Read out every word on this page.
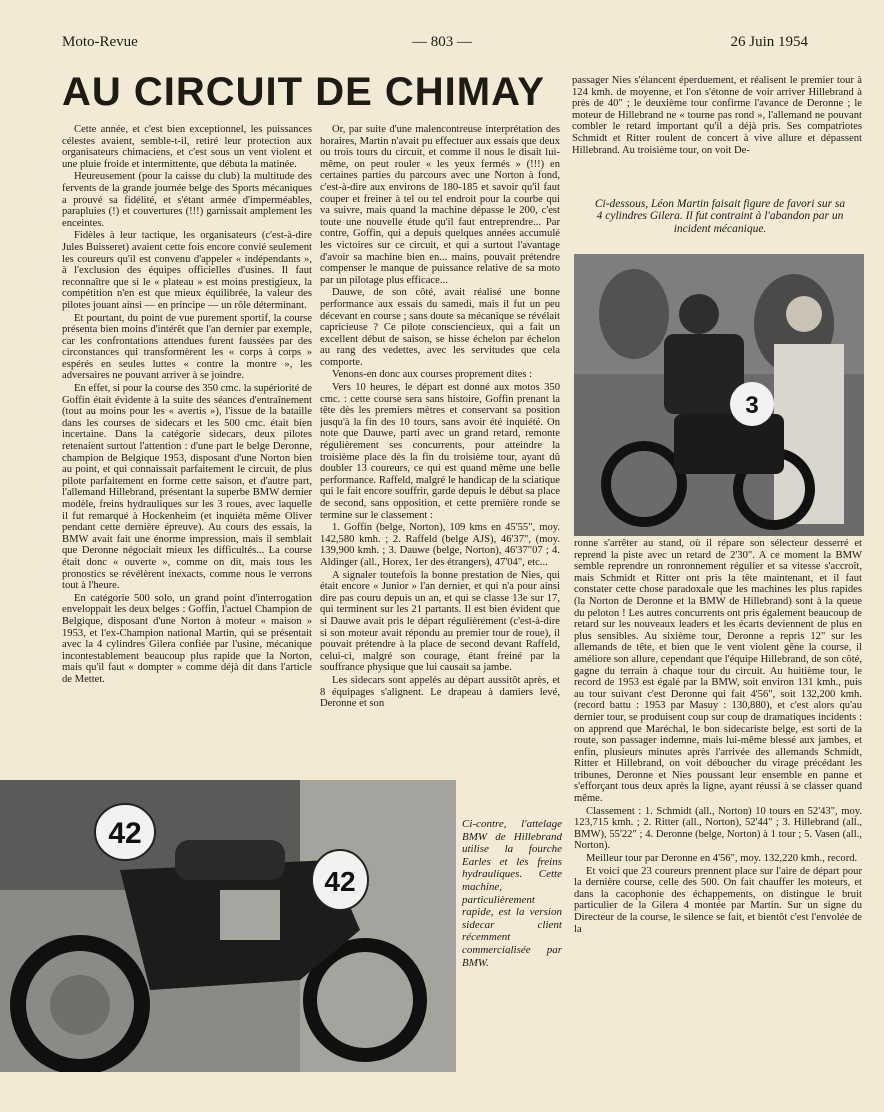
Moto-Revue	— 803 —	26 Juin 1954
AU CIRCUIT DE CHIMAY

Cette année, et c'est bien exceptionnel, les puissances célestes avaient, semble-t-il, retiré leur protection aux organisateurs chimaciens, et c'est sous un vent violent et une pluie froide et intermittente, que débuta la matinée.

Heureusement (pour la caisse du club) la multitude des fervents de la grande journée belge des Sports mécaniques a prouvé sa fidélité, et s'étant armée d'imperméables, parapluies (!) et couvertures (!!!) garnissait amplement les enceintes.

Fidèles à leur tactique, les organisateurs (c'est-à-dire Jules Buisseret) avaient cette fois encore convié seulement les coureurs qu'il est convenu d'appeler « indépendants », à l'exclusion des équipes officielles d'usines. Il faut reconnaître que si le « plateau » est moins prestigieux, la compétition n'en est que mieux équilibrée, la valeur des pilotes jouant ainsi — en principe — un rôle déterminant.

Et pourtant, du point de vue purement sportif, la course présenta bien moins d'intérêt que l'an dernier par exemple, car les confrontations attendues furent faussées par des circonstances qui transformèrent les « corps à corps » espérés en seules luttes « contre la montre », les adversaires ne pouvant arriver à se joindre.

En effet, si pour la course des 350 cmc. la supériorité de Goffin était évidente à la suite des séances d'entraînement (tout au moins pour les « avertis »), l'issue de la bataille dans les courses de sidecars et les 500 cmc. était bien incertaine. Dans la catégorie sidecars, deux pilotes retenaient surtout l'attention : d'une part le belge Deronne, champion de Belgique 1953, disposant d'une Norton bien au point, et qui connaissait parfaitement le circuit, de plus pilote parfaitement en forme cette saison, et d'autre part, l'allemand Hillebrand, présentant la superbe BMW dernier modèle, freins hydrauliques sur les 3 roues, avec laquelle il fut remarqué à Hockenheim (et inquiéta même Oliver pendant cette dernière épreuve). Au cours des essais, la BMW avait fait une énorme impression, mais il semblait que Deronne négociait mieux les difficultés... La course était donc « ouverte », comme on dit, mais tous les pronostics se révélèrent inexacts, comme nous le verrons tout à l'heure.

En catégorie 500 solo, un grand point d'interrogation enveloppait les deux belges : Goffin, l'actuel Champion de Belgique, disposant d'une Norton à moteur « maison » 1953, et l'ex-Champion national Martin, qui se présentait avec la 4 cylindres Gilera confiée par l'usine, mécanique incontestablement beaucoup plus rapide que la Norton, mais qu'il faut « dompter » comme déjà dit dans l'article de Mettet.

Or, par suite d'une malencontreuse interprétation des horaires, Martin n'avait pu effectuer aux essais que deux ou trois tours du circuit, et comme il nous le disait lui-même, on peut rouler « les yeux fermés » (!!!) en certaines parties du parcours avec une Norton à fond, c'est-à-dire aux environs de 180-185 et savoir qu'il faut couper et freiner à tel ou tel endroit pour la courbe qui va suivre, mais quand la machine dépasse le 200, c'est toute une nouvelle étude qu'il faut entreprendre... Par contre, Goffin, qui a depuis quelques années accumulé les victoires sur ce circuit, et qui a surtout l'avantage d'avoir sa machine bien en... mains, pouvait prétendre compenser le manque de puissance relative de sa moto par un pilotage plus efficace...

Dauwe, de son côté, avait réalisé une bonne performance aux essais du samedi, mais il fut un peu décevant en course ; sans doute sa mécanique se révélait capricieuse ? Ce pilote consciencieux, qui a fait un excellent début de saison, se hisse échelon par échelon au rang des vedettes, avec les servitudes que cela comporte.

Venons-en donc aux courses proprement dites :

Vers 10 heures, le départ est donné aux motos 350 cmc. : cette course sera sans histoire, Goffin prenant la tête dès les premiers mètres et conservant sa position jusqu'à la fin des 10 tours, sans avoir été inquiété. On note que Dauwe, parti avec un grand retard, remonte régulièrement ses concurrents, pour atteindre la troisième place dès la fin du troisième tour, ayant dû doubler 13 coureurs, ce qui est quand même une belle performance. Raffeld, malgré le handicap de la sciatique qui le fait encore souffrir, garde depuis le début sa place de second, sans opposition, et cette première ronde se termine sur le classement :

1. Goffin (belge, Norton), 109 kms en 45'55", moy. 142,580 kmh. ; 2. Raffeld (belge AJS), 46'37", (moy. 139,900 kmh. ; 3. Dauwe (belge, Norton), 46'37"07 ; 4. Aldinger (all., Horex, 1er des étrangers), 47'04", etc...

A signaler toutefois la bonne prestation de Nies, qui était encore « Junior » l'an dernier, et qui n'a pour ainsi dire pas couru depuis un an, et qui se classe 13e sur 17, qui terminent sur les 21 partants. Il est bien évident que si Dauwe avait pris le départ régulièrement (c'est-à-dire si son moteur avait répondu au premier tour de roue), il pouvait prétendre à la place de second devant Raffeld, celui-ci, malgré son courage, étant freiné par la souffrance physique que lui causait sa jambe.

Les sidecars sont appelés au départ aussitôt après, et 8 équipages s'alignent. Le drapeau à damiers levé, Deronne et son

passager Nies s'élancent éperduement, et réalisent le premier tour à 124 kmh. de moyenne, et l'on s'étonne de voir arriver Hillebrand à près de 40" ; le deuxième tour confirme l'avance de Deronne ; le moteur de Hillebrand ne « tourne pas rond », l'allemand ne pouvant combler le retard important qu'il a déjà pris. Ses compatriotes Schmidt et Ritter roulent de concert à vive allure et dépassent Hillebrand. Au troisième tour, on voit De-

Ci-dessous, Léon Martin faisait figure de favori sur sa 4 cylindres Gilera. Il fut contraint à l'abandon par un incident mécanique.
3

ronne s'arrêter au stand, où il répare son sélecteur desserré et reprend la piste avec un retard de 2'30". A ce moment la BMW semble reprendre un ronronnement régulier et sa vitesse s'accroît, mais Schmidt et Ritter ont pris la tête maintenant, et il faut constater cette chose paradoxale que les machines les plus rapides (la Norton de Deronne et la BMW de Hillebrand) sont à la queue du peloton ! Les autres concurrents ont pris également beaucoup de retard sur les nouveaux leaders et les écarts deviennent de plus en plus sensibles. Au sixième tour, Deronne a repris 12" sur les allemands de tête, et bien que le vent violent gêne la course, il améliore son allure, cependant que l'équipe Hillebrand, de son côté, gagne du terrain à chaque tour du circuit. Au huitième tour, le record de 1953 est égalé par la BMW, soit environ 131 kmh., puis au tour suivant c'est Deronne qui fait 4'56", soit 132,200 kmh. (record battu : 1953 par Masuy : 130,880), et c'est alors qu'au dernier tour, se produisent coup sur coup de dramatiques incidents : on apprend que Maréchal, le bon sidecariste belge, est sorti de la route, son passager indemne, mais lui-même blessé aux jambes, et enfin, plusieurs minutes après l'arrivée des allemands Schmidt, Ritter et Hillebrand, on voit déboucher du virage précédant les tribunes, Deronne et Nies poussant leur ensemble en panne et s'efforçant tous deux après la ligne, ayant réussi à se classer quand même.

Classement : 1. Schmidt (all., Norton) 10 tours en 52'43", moy. 123,715 kmh. ; 2. Ritter (all., Norton), 52'44" ; 3. Hillebrand (all., BMW), 55'22" ; 4. Deronne (belge, Norton) à 1 tour ; 5. Vasen (all., Norton).

Meilleur tour par Deronne en 4'56", moy. 132,220 kmh., record.

Et voici que 23 coureurs prennent place sur l'aire de départ pour la dernière course, celle des 500. On fait chauffer les moteurs, et dans la cacophonie des échappements, on distingue le bruit particulier de la Gilera 4 montée par Martin. Sur un signe du Directeur de la course, le silence se fait, et bientôt c'est l'envolée de la

42
42
Ci-contre, l'attelage BMW de Hillebrand utilise la fourche Earles et les freins hydrauliques. Cette machine, particulièrement rapide, est la version sidecar client récemment commercialisée par BMW.
